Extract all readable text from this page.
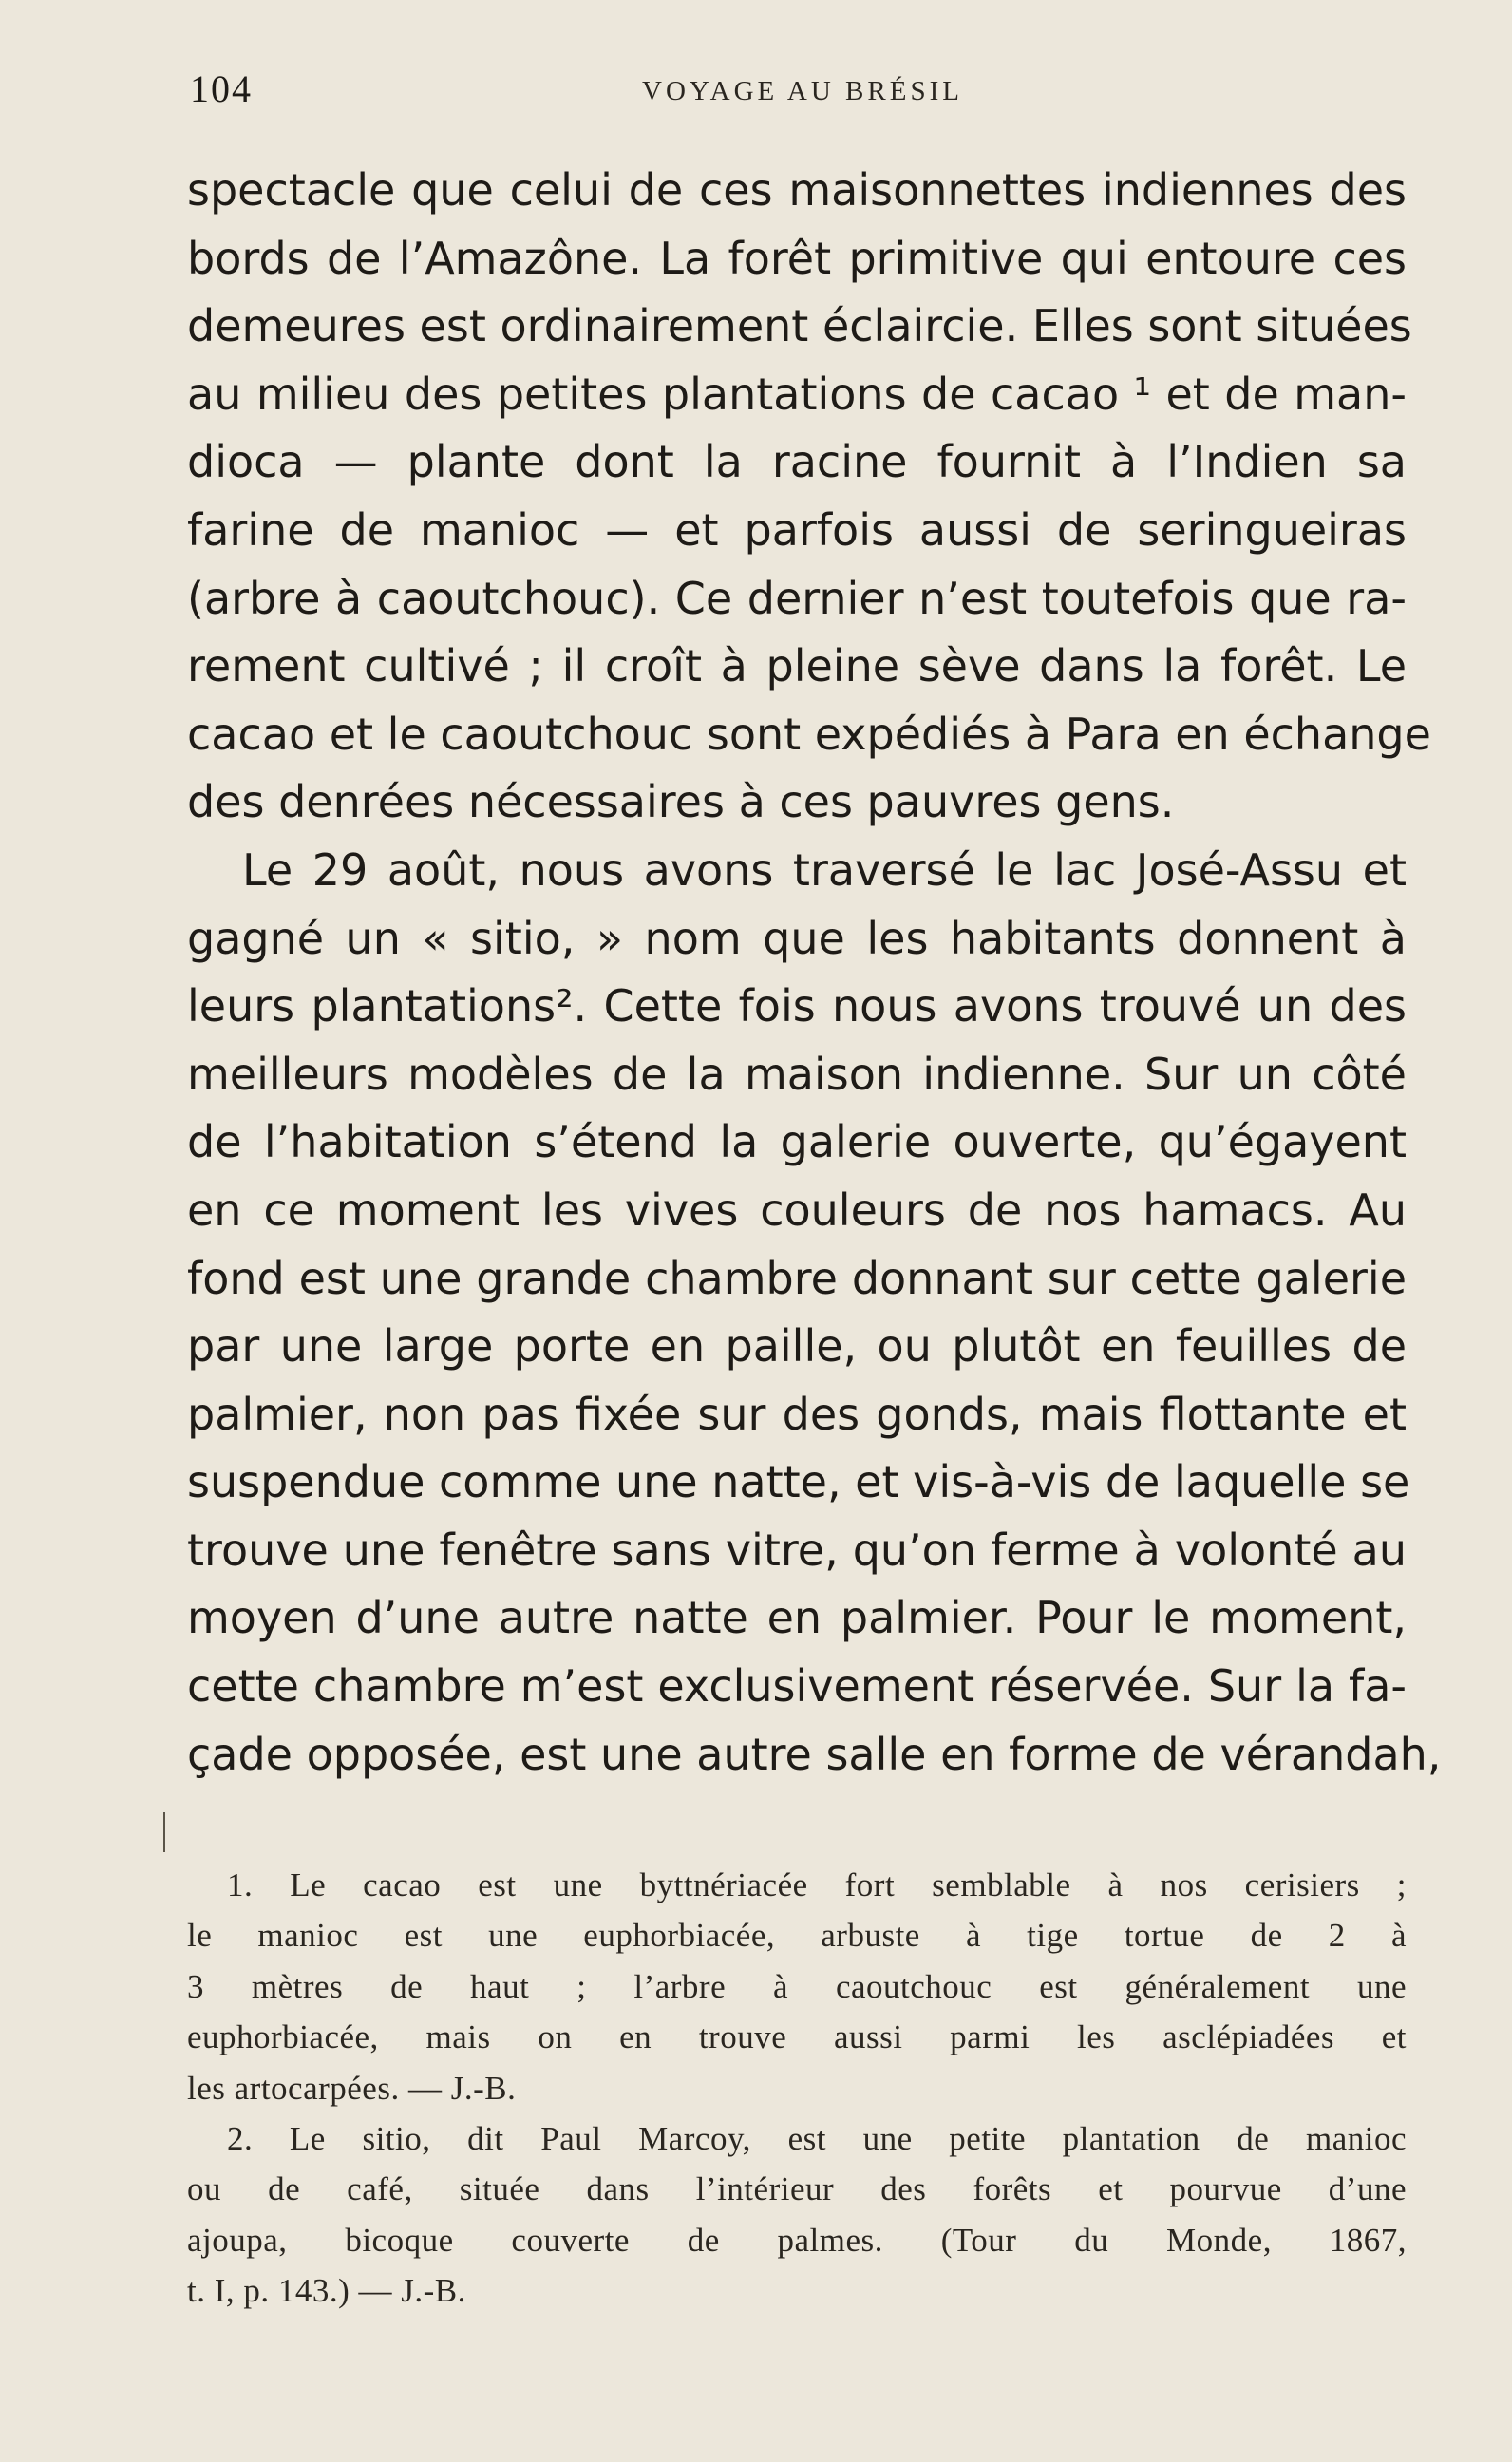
104	VOYAGE AU BRÉSIL
spectacle que celui de ces maisonnettes indiennes des
bords de l’Amazône. La forêt primitive qui entoure ces
demeures est ordinairement éclaircie. Elles sont situées
au milieu des petites plantations de cacao ¹ et de man-
dioca — plante dont la racine fournit à l’Indien sa
farine de manioc — et parfois aussi de seringueiras
(arbre à caoutchouc). Ce dernier n’est toutefois que ra-
rement cultivé ; il croît à pleine sève dans la forêt. Le
cacao et le caoutchouc sont expédiés à Para en échange
des denrées nécessaires à ces pauvres gens.
Le 29 août, nous avons traversé le lac José-Assu et
gagné un « sitio, » nom que les habitants donnent à
leurs plantations². Cette fois nous avons trouvé un des
meilleurs modèles de la maison indienne. Sur un côté
de l’habitation s’étend la galerie ouverte, qu’égayent
en ce moment les vives couleurs de nos hamacs. Au
fond est une grande chambre donnant sur cette galerie
par une large porte en paille, ou plutôt en feuilles de
palmier, non pas fixée sur des gonds, mais flottante et
suspendue comme une natte, et vis-à-vis de laquelle se
trouve une fenêtre sans vitre, qu’on ferme à volonté au
moyen d’une autre natte en palmier. Pour le moment,
cette chambre m’est exclusivement réservée. Sur la fa-
çade opposée, est une autre salle en forme de vérandah,
1. Le cacao est une byttnériacée fort semblable à nos cerisiers ;
le manioc est une euphorbiacée, arbuste à tige tortue de 2 à
3 mètres de haut ; l’arbre à caoutchouc est généralement une
euphorbiacée, mais on en trouve aussi parmi les asclépiadées et
les artocarpées. — J.-B.
2. Le sitio, dit Paul Marcoy, est une petite plantation de manioc
ou de café, située dans l’intérieur des forêts et pourvue d’une
ajoupa, bicoque couverte de palmes. (Tour du Monde, 1867,
t. I, p. 143.) — J.-B.
